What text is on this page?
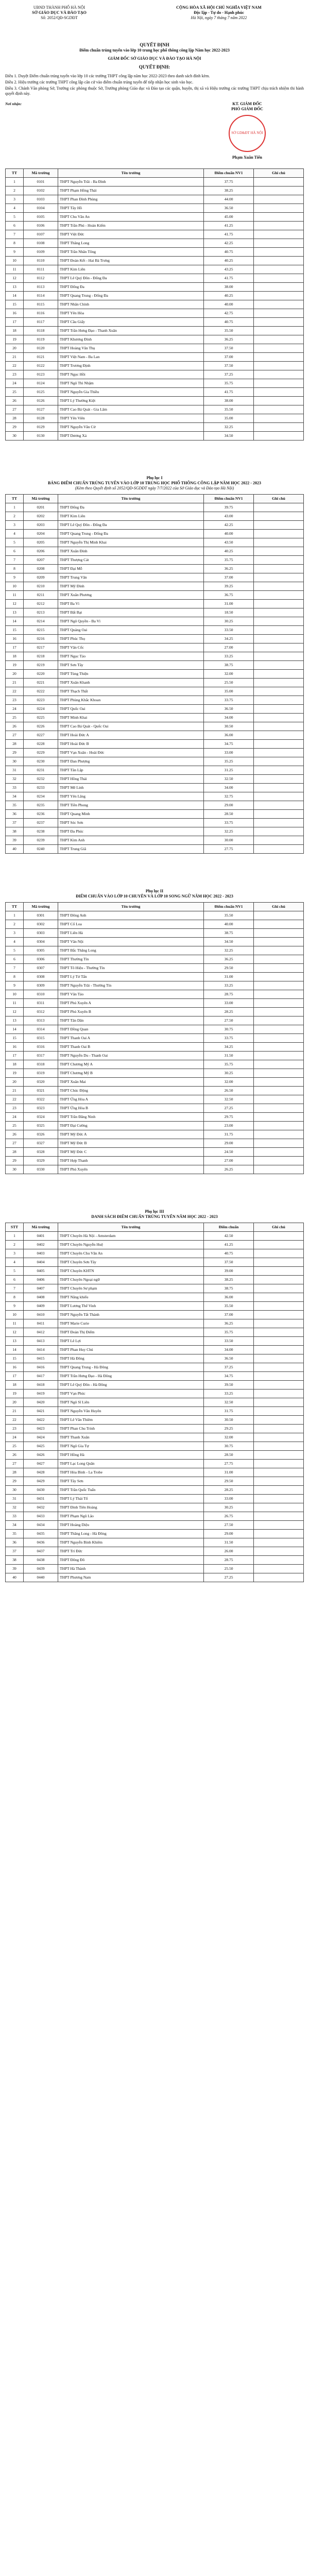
UBND THÀNH PHỐ HÀ NỘI
SỞ GIÁO DỤC VÀ ĐÀO TẠO
Số: 2052/QĐ-SGDĐT
CỘNG HÒA XÃ HỘI CHỦ NGHĨA VIỆT NAM
Độc lập - Tự do - Hạnh phúc
Hà Nội, ngày 7 tháng 7 năm 2022
QUYẾT ĐỊNH
Điểm chuẩn trúng tuyển vào lớp 10 trung học phổ thông công lập Năm học 2022-2023
GIÁM ĐỐC SỞ GIÁO DỤC VÀ ĐÀO TẠO HÀ NỘI
QUYẾT ĐỊNH:

Điều 1. Duyệt Điểm chuẩn trúng tuyển vào lớp 10 các trường THPT công lập năm học 2022-2023 theo danh sách đính kèm.

Điều 2. Hiệu trưởng các trường THPT công lập căn cứ vào điểm chuẩn trúng tuyển để tiếp nhận học sinh vào học.

Điều 3. Chánh Văn phòng Sở, Trưởng các phòng thuộc Sở, Trưởng phòng Giáo dục và Đào tạo các quận, huyện, thị xã và Hiệu trưởng các trường THPT chịu trách nhiệm thi hành quyết định này.

Nơi nhận:	KT. GIÁM ĐỐC
PHÓ GIÁM ĐỐC
SỞ GD&ĐT HÀ NỘI
Phạm Xuân Tiến
TT	Mã trường	Tên trường	Điểm chuẩn NV1	Ghi chú
1	0101	THPT Nguyễn Trãi - Ba Đình	37.75	
2	0102	THPT Phạm Hồng Thái	38.25	
3	0103	THPT Phan Đình Phùng	44.00	
4	0104	THPT Tây Hồ	36.50	
5	0105	THPT Chu Văn An	45.00	
6	0106	THPT Trần Phú - Hoàn Kiếm	41.25	
7	0107	THPT Việt Đức	41.75	
8	0108	THPT Thăng Long	42.25	
9	0109	THPT Trần Nhân Tông	40.75	
10	0110	THPT Đoàn Kết - Hai Bà Trưng	40.25	
11	0111	THPT Kim Liên	43.25	
12	0112	THPT Lê Quý Đôn - Đống Đa	41.75	
13	0113	THPT Đống Đa	38.00	
14	0114	THPT Quang Trung - Đống Đa	40.25	
15	0115	THPT Nhân Chính	40.00	
16	0116	THPT Yên Hòa	42.75	
17	0117	THPT Cầu Giấy	40.75	
18	0118	THPT Trần Hưng Đạo - Thanh Xuân	35.50	
19	0119	THPT Khương Đình	36.25	
20	0120	THPT Hoàng Văn Thụ	37.50	
21	0121	THPT Việt Nam - Ba Lan	37.00	
22	0122	THPT Trương Định	37.50	
23	0123	THPT Ngọc Hồi	37.25	
24	0124	THPT Ngô Thì Nhậm	35.75	
25	0125	THPT Nguyễn Gia Thiều	41.75	
26	0126	THPT Lý Thường Kiệt	38.00	
27	0127	THPT Cao Bá Quát - Gia Lâm	35.50	
28	0128	THPT Yên Viên	35.00	
29	0129	THPT Nguyễn Văn Cừ	32.25	
30	0130	THPT Dương Xá	34.50	
Phụ lục I
BẢNG ĐIỂM CHUẨN TRÚNG TUYỂN VÀO LỚP 10 TRUNG HỌC PHỔ THÔNG CÔNG LẬP NĂM HỌC 2022 - 2023
(Kèm theo Quyết định số 2052/QĐ-SGDĐT ngày 7/7/2022 của Sở Giáo dục và Đào tạo Hà Nội)
TT	Mã trường	Tên trường	Điểm chuẩn NV1	Ghi chú
1	0201	THPT Đống Đa	39.75	
2	0202	THPT Kim Liên	43.00	
3	0203	THPT Lê Quý Đôn - Đống Đa	42.25	
4	0204	THPT Quang Trung - Đống Đa	40.00	
5	0205	THPT Nguyễn Thị Minh Khai	43.50	
6	0206	THPT Xuân Đỉnh	40.25	
7	0207	THPT Thượng Cát	35.75	
8	0208	THPT Đại Mỗ	36.25	
9	0209	THPT Trung Văn	37.00	
10	0210	THPT Mỹ Đình	39.25	
11	0211	THPT Xuân Phương	36.75	
12	0212	THPT Ba Vì	31.00	
13	0213	THPT Bất Bạt	18.50	
14	0214	THPT Ngô Quyền - Ba Vì	30.25	
15	0215	THPT Quảng Oai	33.50	
16	0216	THPT Phúc Thọ	34.25	
17	0217	THPT Vân Cốc	27.00	
18	0218	THPT Ngọc Tảo	33.25	
19	0219	THPT Sơn Tây	38.75	
20	0220	THPT Tùng Thiện	32.00	
21	0221	THPT Xuân Khanh	25.50	
22	0222	THPT Thạch Thất	35.00	
23	0223	THPT Phùng Khắc Khoan	33.75	
24	0224	THPT Quốc Oai	36.50	
25	0225	THPT Minh Khai	34.00	
26	0226	THPT Cao Bá Quát - Quốc Oai	30.50	
27	0227	THPT Hoài Đức A	36.00	
28	0228	THPT Hoài Đức B	34.75	
29	0229	THPT Vạn Xuân - Hoài Đức	33.00	
30	0230	THPT Đan Phượng	35.25	
31	0231	THPT Tân Lập	31.25	
32	0232	THPT Hồng Thái	32.50	
33	0233	THPT Mê Linh	34.00	
34	0234	THPT Yên Lãng	32.75	
35	0235	THPT Tiền Phong	29.00	
36	0236	THPT Quang Minh	28.50	
37	0237	THPT Sóc Sơn	33.75	
38	0238	THPT Đa Phúc	32.25	
39	0239	THPT Kim Anh	30.00	
40	0240	THPT Trung Giã	27.75	
Phụ lục II
ĐIỂM CHUẨN VÀO LỚP 10 CHUYÊN VÀ LỚP 10 SONG NGỮ NĂM HỌC 2022 - 2023
TT	Mã trường	Tên trường	Điểm chuẩn NV1	Ghi chú
1	0301	THPT Đông Anh	35.50	
2	0302	THPT Cổ Loa	40.00	
3	0303	THPT Liên Hà	38.75	
4	0304	THPT Vân Nội	34.50	
5	0305	THPT Bắc Thăng Long	32.25	
6	0306	THPT Thường Tín	36.25	
7	0307	THPT Tô Hiệu - Thường Tín	29.50	
8	0308	THPT Lý Tử Tấn	31.00	
9	0309	THPT Nguyễn Trãi - Thường Tín	33.25	
10	0310	THPT Vân Tảo	28.75	
11	0311	THPT Phú Xuyên A	33.00	
12	0312	THPT Phú Xuyên B	28.25	
13	0313	THPT Tân Dân	27.50	
14	0314	THPT Đồng Quan	30.75	
15	0315	THPT Thanh Oai A	33.75	
16	0316	THPT Thanh Oai B	34.25	
17	0317	THPT Nguyễn Du - Thanh Oai	31.50	
18	0318	THPT Chương Mỹ A	35.75	
19	0319	THPT Chương Mỹ B	30.25	
20	0320	THPT Xuân Mai	32.00	
21	0321	THPT Chúc Động	26.50	
22	0322	THPT Ứng Hòa A	32.50	
23	0323	THPT Ứng Hòa B	27.25	
24	0324	THPT Trần Đăng Ninh	29.75	
25	0325	THPT Đại Cường	23.00	
26	0326	THPT Mỹ Đức A	31.75	
27	0327	THPT Mỹ Đức B	29.00	
28	0328	THPT Mỹ Đức C	24.50	
29	0329	THPT Hợp Thanh	27.00	
30	0330	THPT Phú Xuyên	26.25	
Phụ lục III
DANH SÁCH ĐIỂM CHUẨN TRÚNG TUYỂN NĂM HỌC 2022 - 2023
STT	Mã trường	Tên trường	Điểm chuẩn	Ghi chú
1	0401	THPT Chuyên Hà Nội - Amsterdam	42.50	
2	0402	THPT Chuyên Nguyễn Huệ	41.25	
3	0403	THPT Chuyên Chu Văn An	40.75	
4	0404	THPT Chuyên Sơn Tây	37.50	
5	0405	THPT Chuyên KHTN	39.00	
6	0406	THPT Chuyên Ngoại ngữ	38.25	
7	0407	THPT Chuyên Sư phạm	38.75	
8	0408	THPT Năng khiếu	36.00	
9	0409	THPT Lương Thế Vinh	35.50	
10	0410	THPT Nguyễn Tất Thành	37.00	
11	0411	THPT Marie Curie	36.25	
12	0412	THPT Đoàn Thị Điểm	35.75	
13	0413	THPT Lê Lợi	33.50	
14	0414	THPT Phan Huy Chú	34.00	
15	0415	THPT Hà Đông	36.50	
16	0416	THPT Quang Trung - Hà Đông	37.25	
17	0417	THPT Trần Hưng Đạo - Hà Đông	34.75	
18	0418	THPT Lê Quý Đôn - Hà Đông	39.50	
19	0419	THPT Vạn Phúc	33.25	
20	0420	THPT Ngô Sĩ Liên	32.50	
21	0421	THPT Nguyễn Văn Huyên	31.75	
22	0422	THPT Lê Văn Thiêm	30.50	
23	0423	THPT Phan Chu Trinh	29.25	
24	0424	THPT Thanh Xuân	32.00	
25	0425	THPT Ngô Gia Tự	30.75	
26	0426	THPT Hồng Hà	28.50	
27	0427	THPT Lạc Long Quân	27.75	
28	0428	THPT Hòa Bình - La Trobe	31.00	
29	0429	THPT Tây Sơn	29.50	
30	0430	THPT Trần Quốc Tuấn	28.25	
31	0431	THPT Lý Thái Tổ	33.00	
32	0432	THPT Đinh Tiên Hoàng	30.25	
33	0433	THPT Phạm Ngũ Lão	26.75	
34	0434	THPT Hoàng Diệu	27.50	
35	0435	THPT Thăng Long - Hà Đông	29.00	
36	0436	THPT Nguyễn Bỉnh Khiêm	31.50	
37	0437	THPT Trí Đức	26.00	
38	0438	THPT Đông Đô	28.75	
39	0439	THPT Hà Thành	25.50	
40	0440	THPT Phương Nam	27.25	
